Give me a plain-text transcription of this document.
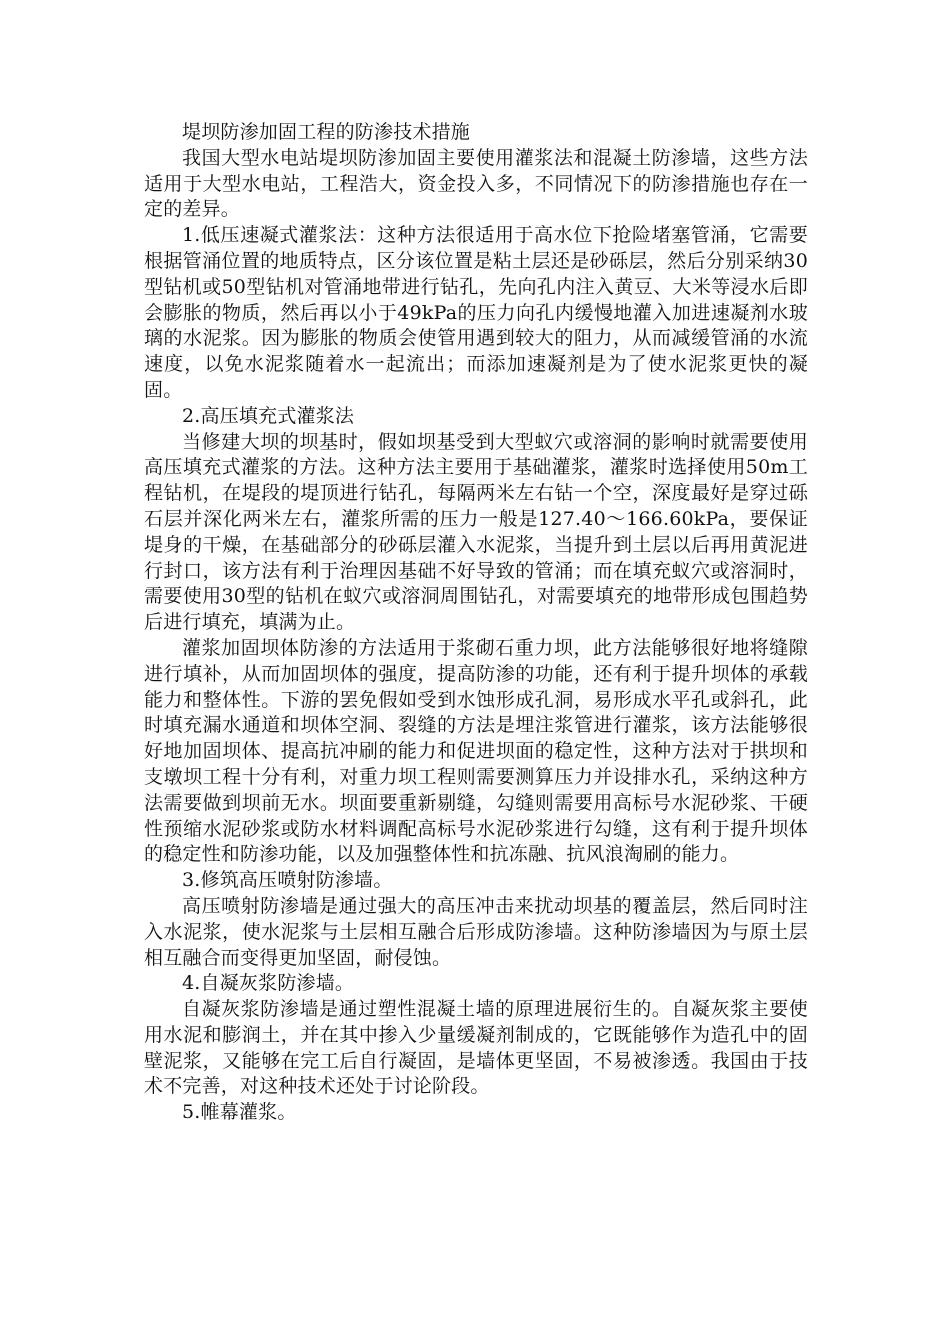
堤坝防渗加固工程的防渗技术措施

我国大型水电站堤坝防渗加固主要使用灌浆法和混凝土防渗墙，这些方法适用于大型水电站，工程浩大，资金投入多，不同情况下的防渗措施也存在一定的差异。

1.低压速凝式灌浆法：这种方法很适用于高水位下抢险堵塞管涌，它需要根据管涌位置的地质特点，区分该位置是粘土层还是砂砾层，然后分别采纳30型钻机或50型钻机对管涌地带进行钻孔，先向孔内注入黄豆、大米等浸水后即会膨胀的物质，然后再以小于49kPa的压力向孔内缓慢地灌入加进速凝剂水玻璃的水泥浆。因为膨胀的物质会使管用遇到较大的阻力，从而减缓管涌的水流速度，以免水泥浆随着水一起流出；而添加速凝剂是为了使水泥浆更快的凝固。

2.高压填充式灌浆法

当修建大坝的坝基时，假如坝基受到大型蚁穴或溶洞的影响时就需要使用高压填充式灌浆的方法。这种方法主要用于基础灌浆，灌浆时选择使用50m工程钻机，在堤段的堤顶进行钻孔，每隔两米左右钻一个空，深度最好是穿过砾石层并深化两米左右，灌浆所需的压力一般是127.40～166.60kPa，要保证堤身的干燥，在基础部分的砂砾层灌入水泥浆，当提升到土层以后再用黄泥进行封口，该方法有利于治理因基础不好导致的管涌；而在填充蚁穴或溶洞时，需要使用30型的钻机在蚁穴或溶洞周围钻孔，对需要填充的地带形成包围趋势后进行填充，填满为止。

灌浆加固坝体防渗的方法适用于浆砌石重力坝，此方法能够很好地将缝隙进行填补，从而加固坝体的强度，提高防渗的功能，还有利于提升坝体的承载能力和整体性。下游的罢免假如受到水蚀形成孔洞，易形成水平孔或斜孔，此时填充漏水通道和坝体空洞、裂缝的方法是埋注浆管进行灌浆，该方法能够很好地加固坝体、提高抗冲刷的能力和促进坝面的稳定性，这种方法对于拱坝和支墩坝工程十分有利，对重力坝工程则需要测算压力并设排水孔，采纳这种方法需要做到坝前无水。坝面要重新剔缝，勾缝则需要用高标号水泥砂浆、干硬性预缩水泥砂浆或防水材料调配高标号水泥砂浆进行勾缝，这有利于提升坝体的稳定性和防渗功能，以及加强整体性和抗冻融、抗风浪淘刷的能力。

3.修筑高压喷射防渗墙。

高压喷射防渗墙是通过强大的高压冲击来扰动坝基的覆盖层，然后同时注入水泥浆，使水泥浆与土层相互融合后形成防渗墙。这种防渗墙因为与原土层相互融合而变得更加坚固，耐侵蚀。

4.自凝灰浆防渗墙。

自凝灰浆防渗墙是通过塑性混凝土墙的原理进展衍生的。自凝灰浆主要使用水泥和膨润土，并在其中掺入少量缓凝剂制成的，它既能够作为造孔中的固壁泥浆，又能够在完工后自行凝固，是墙体更坚固，不易被渗透。我国由于技术不完善，对这种技术还处于讨论阶段。

5.帷幕灌浆。
